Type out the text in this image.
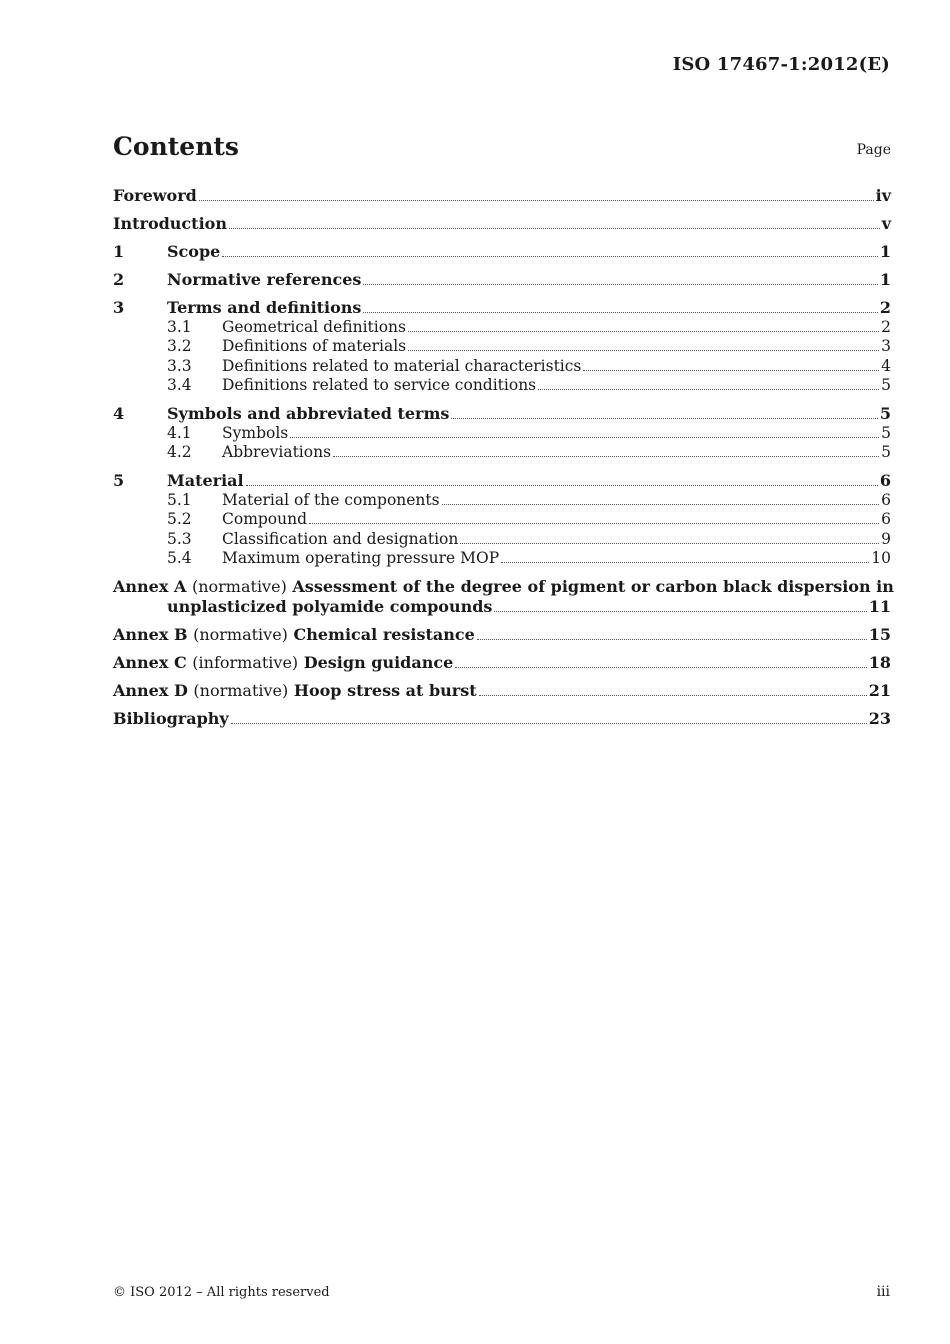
ISO 17467-1:2012(E)
Contents	Page
Foreword	iv
Introduction	v
1	Scope	1
2	Normative references	1
3	Terms and definitions	2
3.1	Geometrical definitions	2
3.2	Definitions of materials	3
3.3	Definitions related to material characteristics	4
3.4	Definitions related to service conditions	5
4	Symbols and abbreviated terms	5
4.1	Symbols	5
4.2	Abbreviations	5
5	Material	6
5.1	Material of the components	6
5.2	Compound	6
5.3	Classification and designation	9
5.4	Maximum operating pressure MOP	10
Annex A (normative) Assessment of the degree of pigment or carbon black dispersion in
unplasticized polyamide compounds	11
Annex B (normative) Chemical resistance	15
Annex C (informative) Design guidance	18
Annex D (normative) Hoop stress at burst	21
Bibliography	23
© ISO 2012 – All rights reserved	iii
